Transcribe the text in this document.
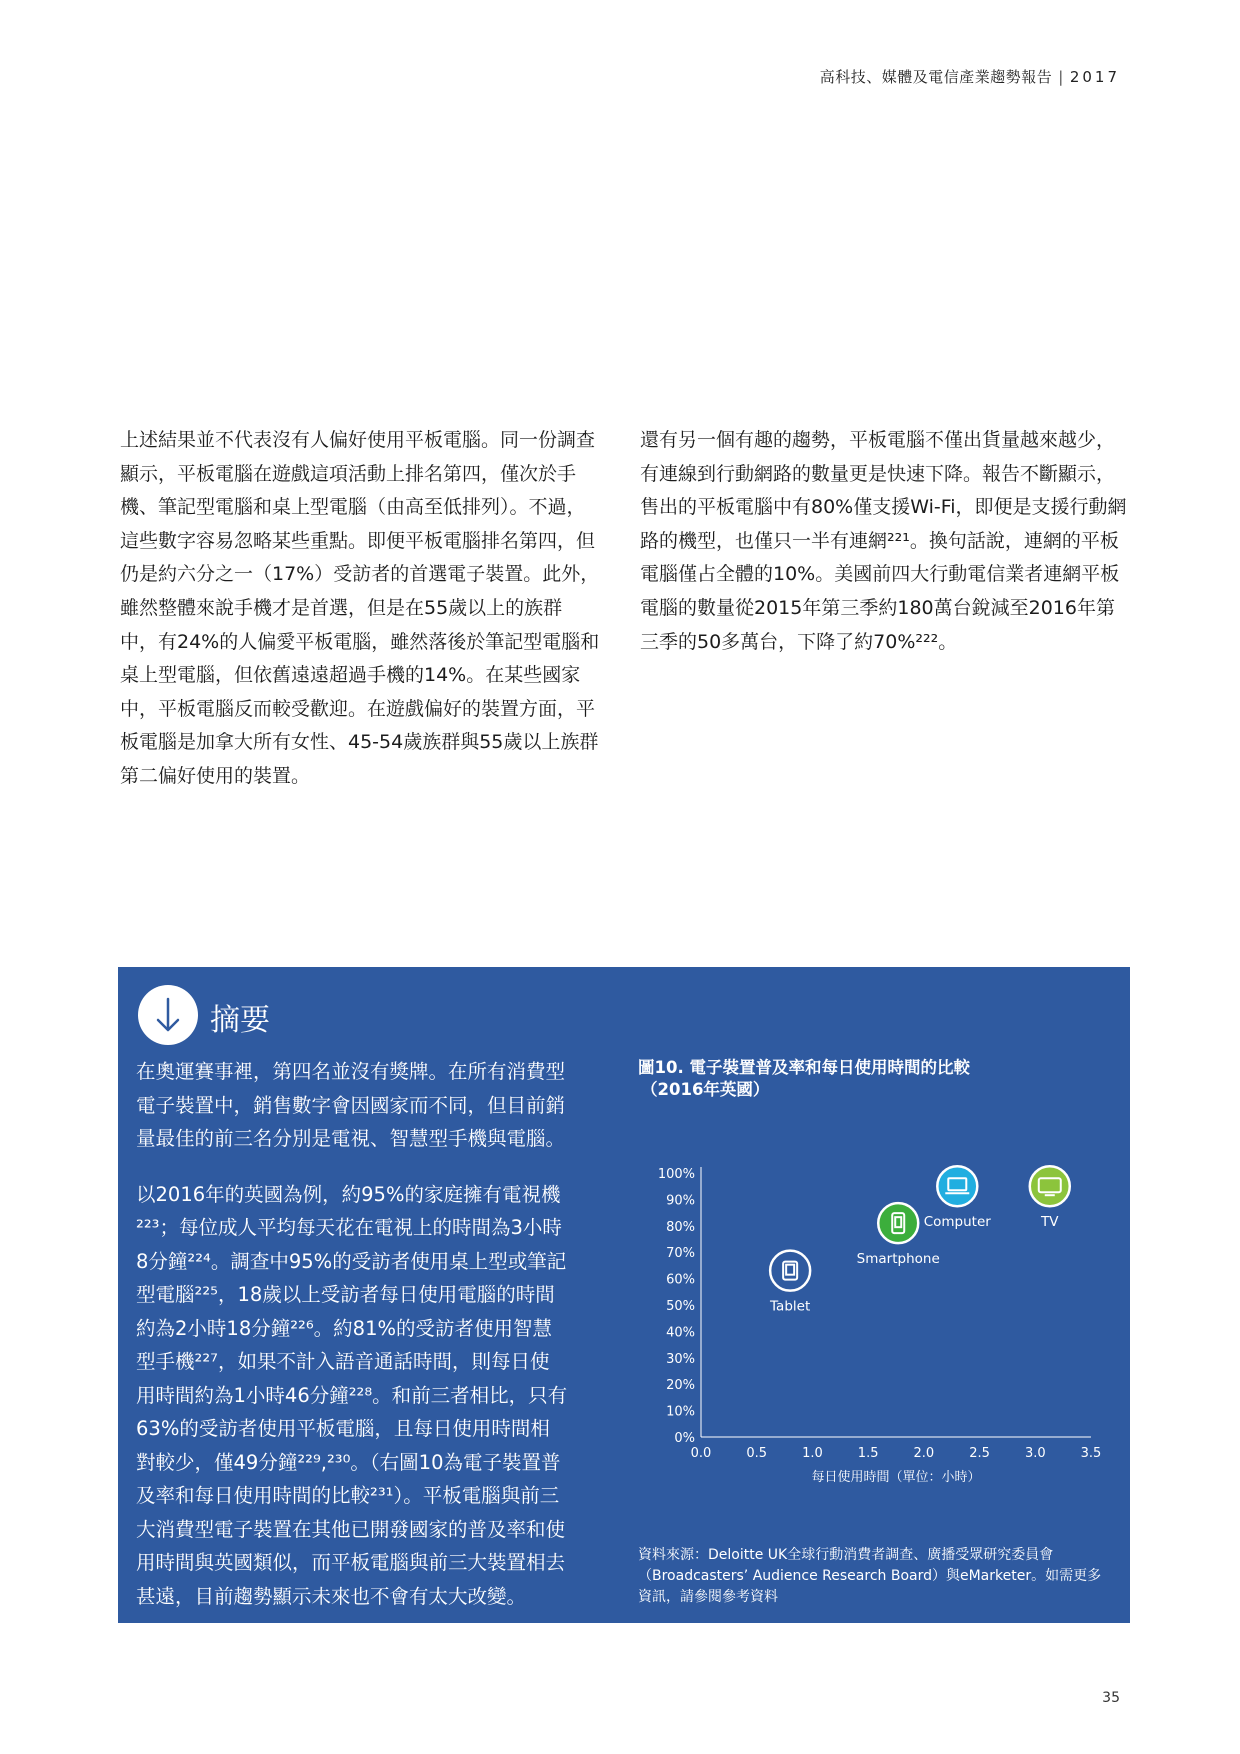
高科技、媒體及電信產業趨勢報告 | 2017

上述結果並不代表沒有人偏好使用平板電腦。同一份調查顯示，平板電腦在遊戲這項活動上排名第四，僅次於手機、筆記型電腦和桌上型電腦（由高至低排列）。不過，這些數字容易忽略某些重點。即便平板電腦排名第四，但仍是約六分之一（17%）受訪者的首選電子裝置。此外，雖然整體來說手機才是首選，但是在55歲以上的族群中，有24%的人偏愛平板電腦，雖然落後於筆記型電腦和桌上型電腦，但依舊遠遠超過手機的14%。在某些國家中，平板電腦反而較受歡迎。在遊戲偏好的裝置方面，平板電腦是加拿大所有女性、45-54歲族群與55歲以上族群第二偏好使用的裝置。

還有另一個有趣的趨勢，平板電腦不僅出貨量越來越少，有連線到行動網路的數量更是快速下降。報告不斷顯示，售出的平板電腦中有80%僅支援Wi-Fi，即便是支援行動網路的機型，也僅只一半有連網²²¹。換句話說，連網的平板電腦僅占全體的10%。美國前四大行動電信業者連網平板電腦的數量從2015年第三季約180萬台銳減至2016年第三季的50多萬台，下降了約70%²²²。

摘要

在奧運賽事裡，第四名並沒有獎牌。在所有消費型電子裝置中，銷售數字會因國家而不同，但目前銷量最佳的前三名分別是電視、智慧型手機與電腦。

以2016年的英國為例，約95%的家庭擁有電視機²²³；每位成人平均每天花在電視上的時間為3小時8分鐘²²⁴。調查中95%的受訪者使用桌上型或筆記型電腦²²⁵，18歲以上受訪者每日使用電腦的時間約為2小時18分鐘²²⁶。約81%的受訪者使用智慧型手機²²⁷，如果不計入語音通話時間，則每日使用時間約為1小時46分鐘²²⁸。和前三者相比，只有63%的受訪者使用平板電腦，且每日使用時間相對較少，僅49分鐘²²⁹,²³⁰。（右圖10為電子裝置普及率和每日使用時間的比較²³¹）。平板電腦與前三大消費型電子裝置在其他已開發國家的普及率和使用時間與英國類似，而平板電腦與前三大裝置相去甚遠，目前趨勢顯示未來也不會有太大改變。

圖10. 電子裝置普及率和每日使用時間的比較
（2016年英國）
0%
10%
20%
30%
40%
50%
60%
70%
80%
90%
100%
0.0	0.5	1.0	1.5	2.0	2.5	3.0	3.5
每日使用時間（單位：小時）
Tablet
Smartphone
Computer	TV
資料來源：Deloitte UK全球行動消費者調查、廣播受眾研究委員會（Broadcasters’ Audience Research Board）與eMarketer。如需更多資訊，請參閱參考資料
35
